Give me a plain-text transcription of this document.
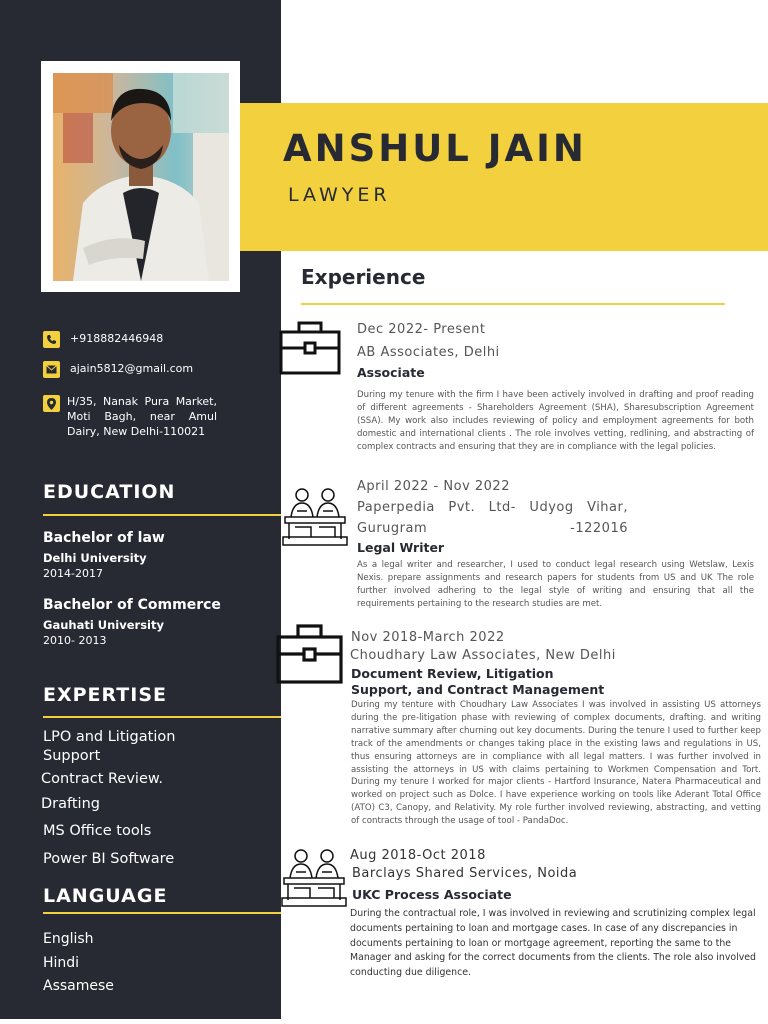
ANSHUL JAIN
LAWYER
+918882446948
ajain5812@gmail.com
H/35, Nanak Pura Market, Moti Bagh, near Amul Dairy, New Delhi-110021
EDUCATION
Bachelor of law
Delhi University
2014-2017
Bachelor of Commerce
Gauhati University
2010- 2013
EXPERTISE
LPO and Litigation Support
Contract Review.
Drafting
MS Office tools
Power BI Software
LANGUAGE
English
Hindi
Assamese
Experience
Dec 2022- Present
AB Associates, Delhi
Associate
During my tenure with the firm I have been actively involved in drafting and proof reading of different agreements - Shareholders Agreement (SHA), Sharesubscription Agreement (SSA). My work also includes reviewing of policy and employment agreements for both domestic and international clients . The role involves vetting, redlining, and abstracting of complex contracts and ensuring that they are in compliance with the legal policies.
April 2022 - Nov 2022
Paperpedia Pvt. Ltd- Udyog Vihar, Gurugram -122016
Legal Writer
As a legal writer and researcher, I used to conduct legal research using Wetslaw, Lexis Nexis. prepare assignments and research papers for students from US and UK The role further involved adhering to the legal style of writing and ensuring that all the requirements pertaining to the research studies are met.
Nov 2018-March 2022
Choudhary Law Associates, New Delhi
Document Review, Litigation Support, and Contract Management
During my tenture with Choudhary Law Associates I was involved in assisting US attorneys during the pre-litigation phase with reviewing of complex documents, drafting. and writing narrative summary after churning out key documents. During the tenure I used to further keep track of the amendments or changes taking place in the existing laws and regulations in US, thus ensuring attorneys are in compliance with all legal matters. I was further involved in assisting the attorneys in US with claims pertaining to Workmen Compensation and Tort. During my tenure I worked for major clients - Hartford Insurance, Natera Pharmaceutical and worked on project such as Dolce. I have experience working on tools like Aderant Total Office (ATO) C3, Canopy, and Relativity. My role further involved reviewing, abstracting, and vetting of contracts through the usage of tool - PandaDoc.
Aug 2018-Oct 2018
Barclays Shared Services, Noida
UKC Process Associate
During the contractual role, I was involved in reviewing and scrutinizing complex legal documents pertaining to loan and mortgage cases. In case of any discrepancies in documents pertaining to loan or mortgage agreement, reporting the same to the Manager and asking for the correct documents from the clients. The role also involved conducting due diligence.
